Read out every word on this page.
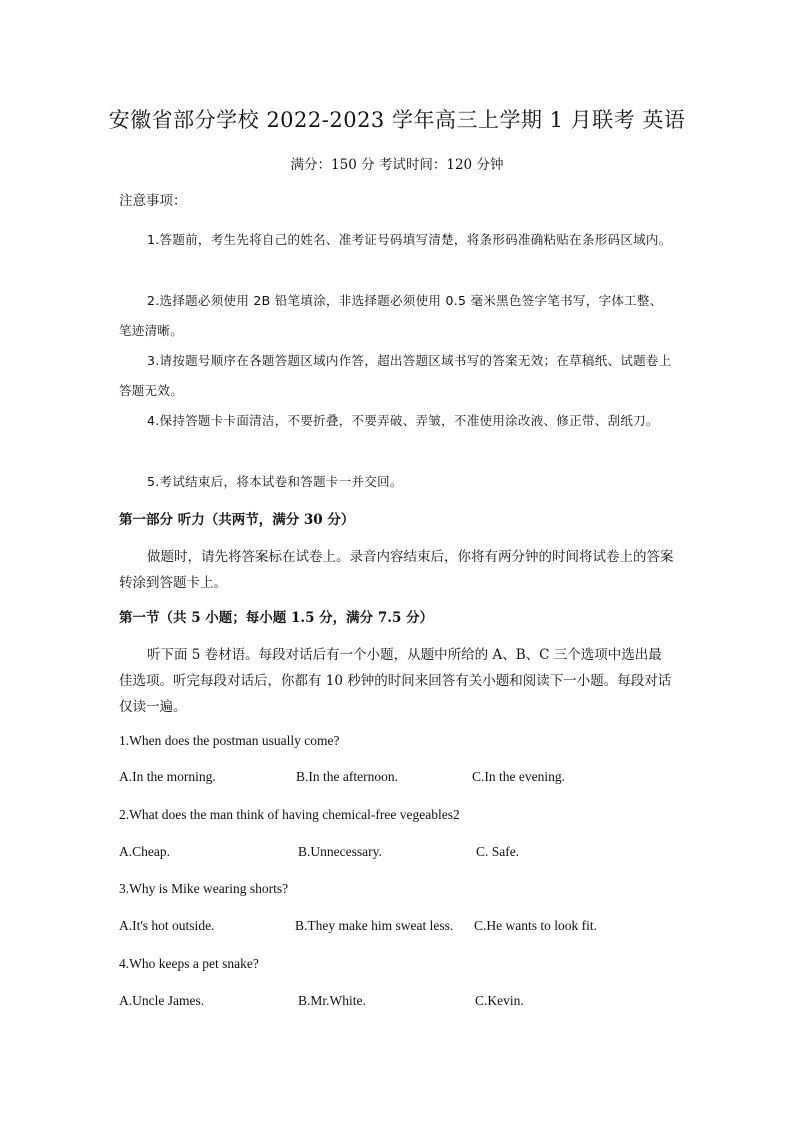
安徽省部分学校 2022-2023 学年高三上学期 1 月联考 英语
满分：150 分 考试时间：120 分钟
注意事项：
1.答题前，考生先将自己的姓名、准考证号码填写清楚，将条形码准确粘贴在条形码区域内。
2.选择题必须使用 2B 铅笔填涂，非选择题必须使用 0.5 毫米黑色签字笔书写，字体工整、笔迹清晰。
3.请按题号顺序在各题答题区域内作答，超出答题区域书写的答案无效；在草稿纸、试题卷上答题无效。
4.保持答题卡卡面清洁，不要折叠，不要弄破、弄皱，不准使用涂改液、修正带、刮纸刀。
5.考试结束后，将本试卷和答题卡一并交回。
第一部分 听力（共两节，满分 30 分）
做题时，请先将答案标在试卷上。录音内容结束后，你将有两分钟的时间将试卷上的答案转涂到答题卡上。
第一节（共 5 小题；每小题 1.5 分，满分 7.5 分）
听下面 5 卷材语。每段对话后有一个小题，从题中所给的 A、B、C 三个选项中选出最佳选项。听完每段对话后，你都有 10 秒钟的时间来回答有关小题和阅读下一小题。每段对话仅读一遍。
1.When does the postman usually come?
A.In the morning.	B.In the afternoon.	C.In the evening.
2.What does the man think of having chemical-free vegeables2
A.Cheap.	B.Unnecessary.	C. Safe.
3.Why is Mike wearing shorts?
A.It's hot outside.	B.They make him sweat less. C.He wants to look fit.
4.Who keeps a pet snake?
A.Uncle James.	B.Mr.White.	C.Kevin.
